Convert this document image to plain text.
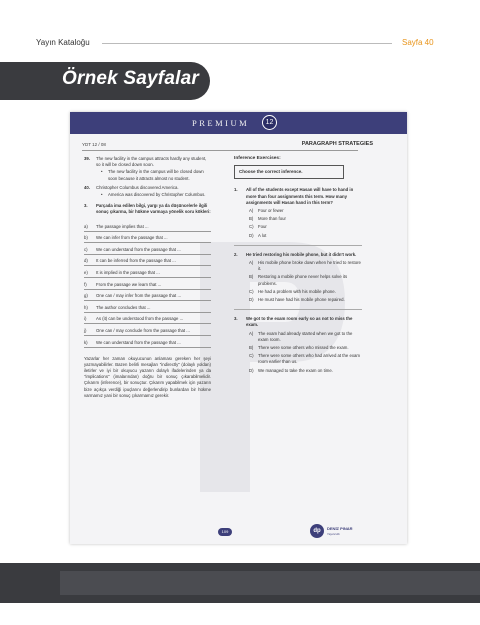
Yayın Kataloğu	Sayfa 40
Örnek Sayfalar
PREMIUM	12
YDT 12 / 08	PARAGRAPH STRATEGIES
39. The new facility in the campus attracts hardly any student, so it will be closed down soon.
• The new facility in the campus will be closed down soon because it attracts almost no student.
40. Christopher Columbus discovered America.
• America was discovered by Christopher Columbus.
3. Parçada ima edilen bilgi, yargı ya da düşüncelerle ilgili sonuç çıkarma, bir hükme varmaya yönelik soru kökleri:
a) The passage implies that ...
b) We can infer from the passage that ...
c) We can understand from the passage that ...
d) It can be inferred from the passage that ...
e) It is implied in the passage that ...
f) From the passage we learn that ...
g) One can / may infer from the passage that ...
h) The author concludes that ...
i) As (it) can be understood from the passage ...
j) One can / may conclude from the passage that ...
k) We can understand from the passage that ...
Yazarlar her zaman okuyucunun anlaması gereken her şeyi yazmayabilirler. Bazen belirli mesajları "indirectly" (dolaylı yoldan) iletirler ve iyi bir okuyucu yazarın dolaylı ifadelerinden ya da "implications" (imalarından) doğru bir sonuç çıkarabilmelidir. Çıkarım (inference), bir sonuçtur. Çıkarım yapabilmek için yazarın bize açıkça verdiği ipuçlarını değerlendirip bunlardan bir hükme varmamız yani bir sonuç çıkarmamız gerekir.
Inference Exercises:
Choose the correct inference.
1. All of the students except Hasan will have to hand in more than four assignments this term. How many assignments will Hasan hand in this term?
A) Four or fewer
B) More than four
C) Four
D) A lot
2. He tried restoring his mobile phone, but it didn't work.
A) His mobile phone broke down when he tried to restore it.
B) Restoring a mobile phone never helps solve its problems.
C) He had a problem with his mobile phone.
D) He must have had his mobile phone repaired.
3. We got to the exam room early so as not to miss the exam.
A) The exam had already started when we got to the exam room.
B) There were some others who missed the exam.
C) There were some others who had arrived at the exam room earlier than us.
D) We managed to take the exam on time.
109	dp	DENİZ PINAR
Yayıncılık
